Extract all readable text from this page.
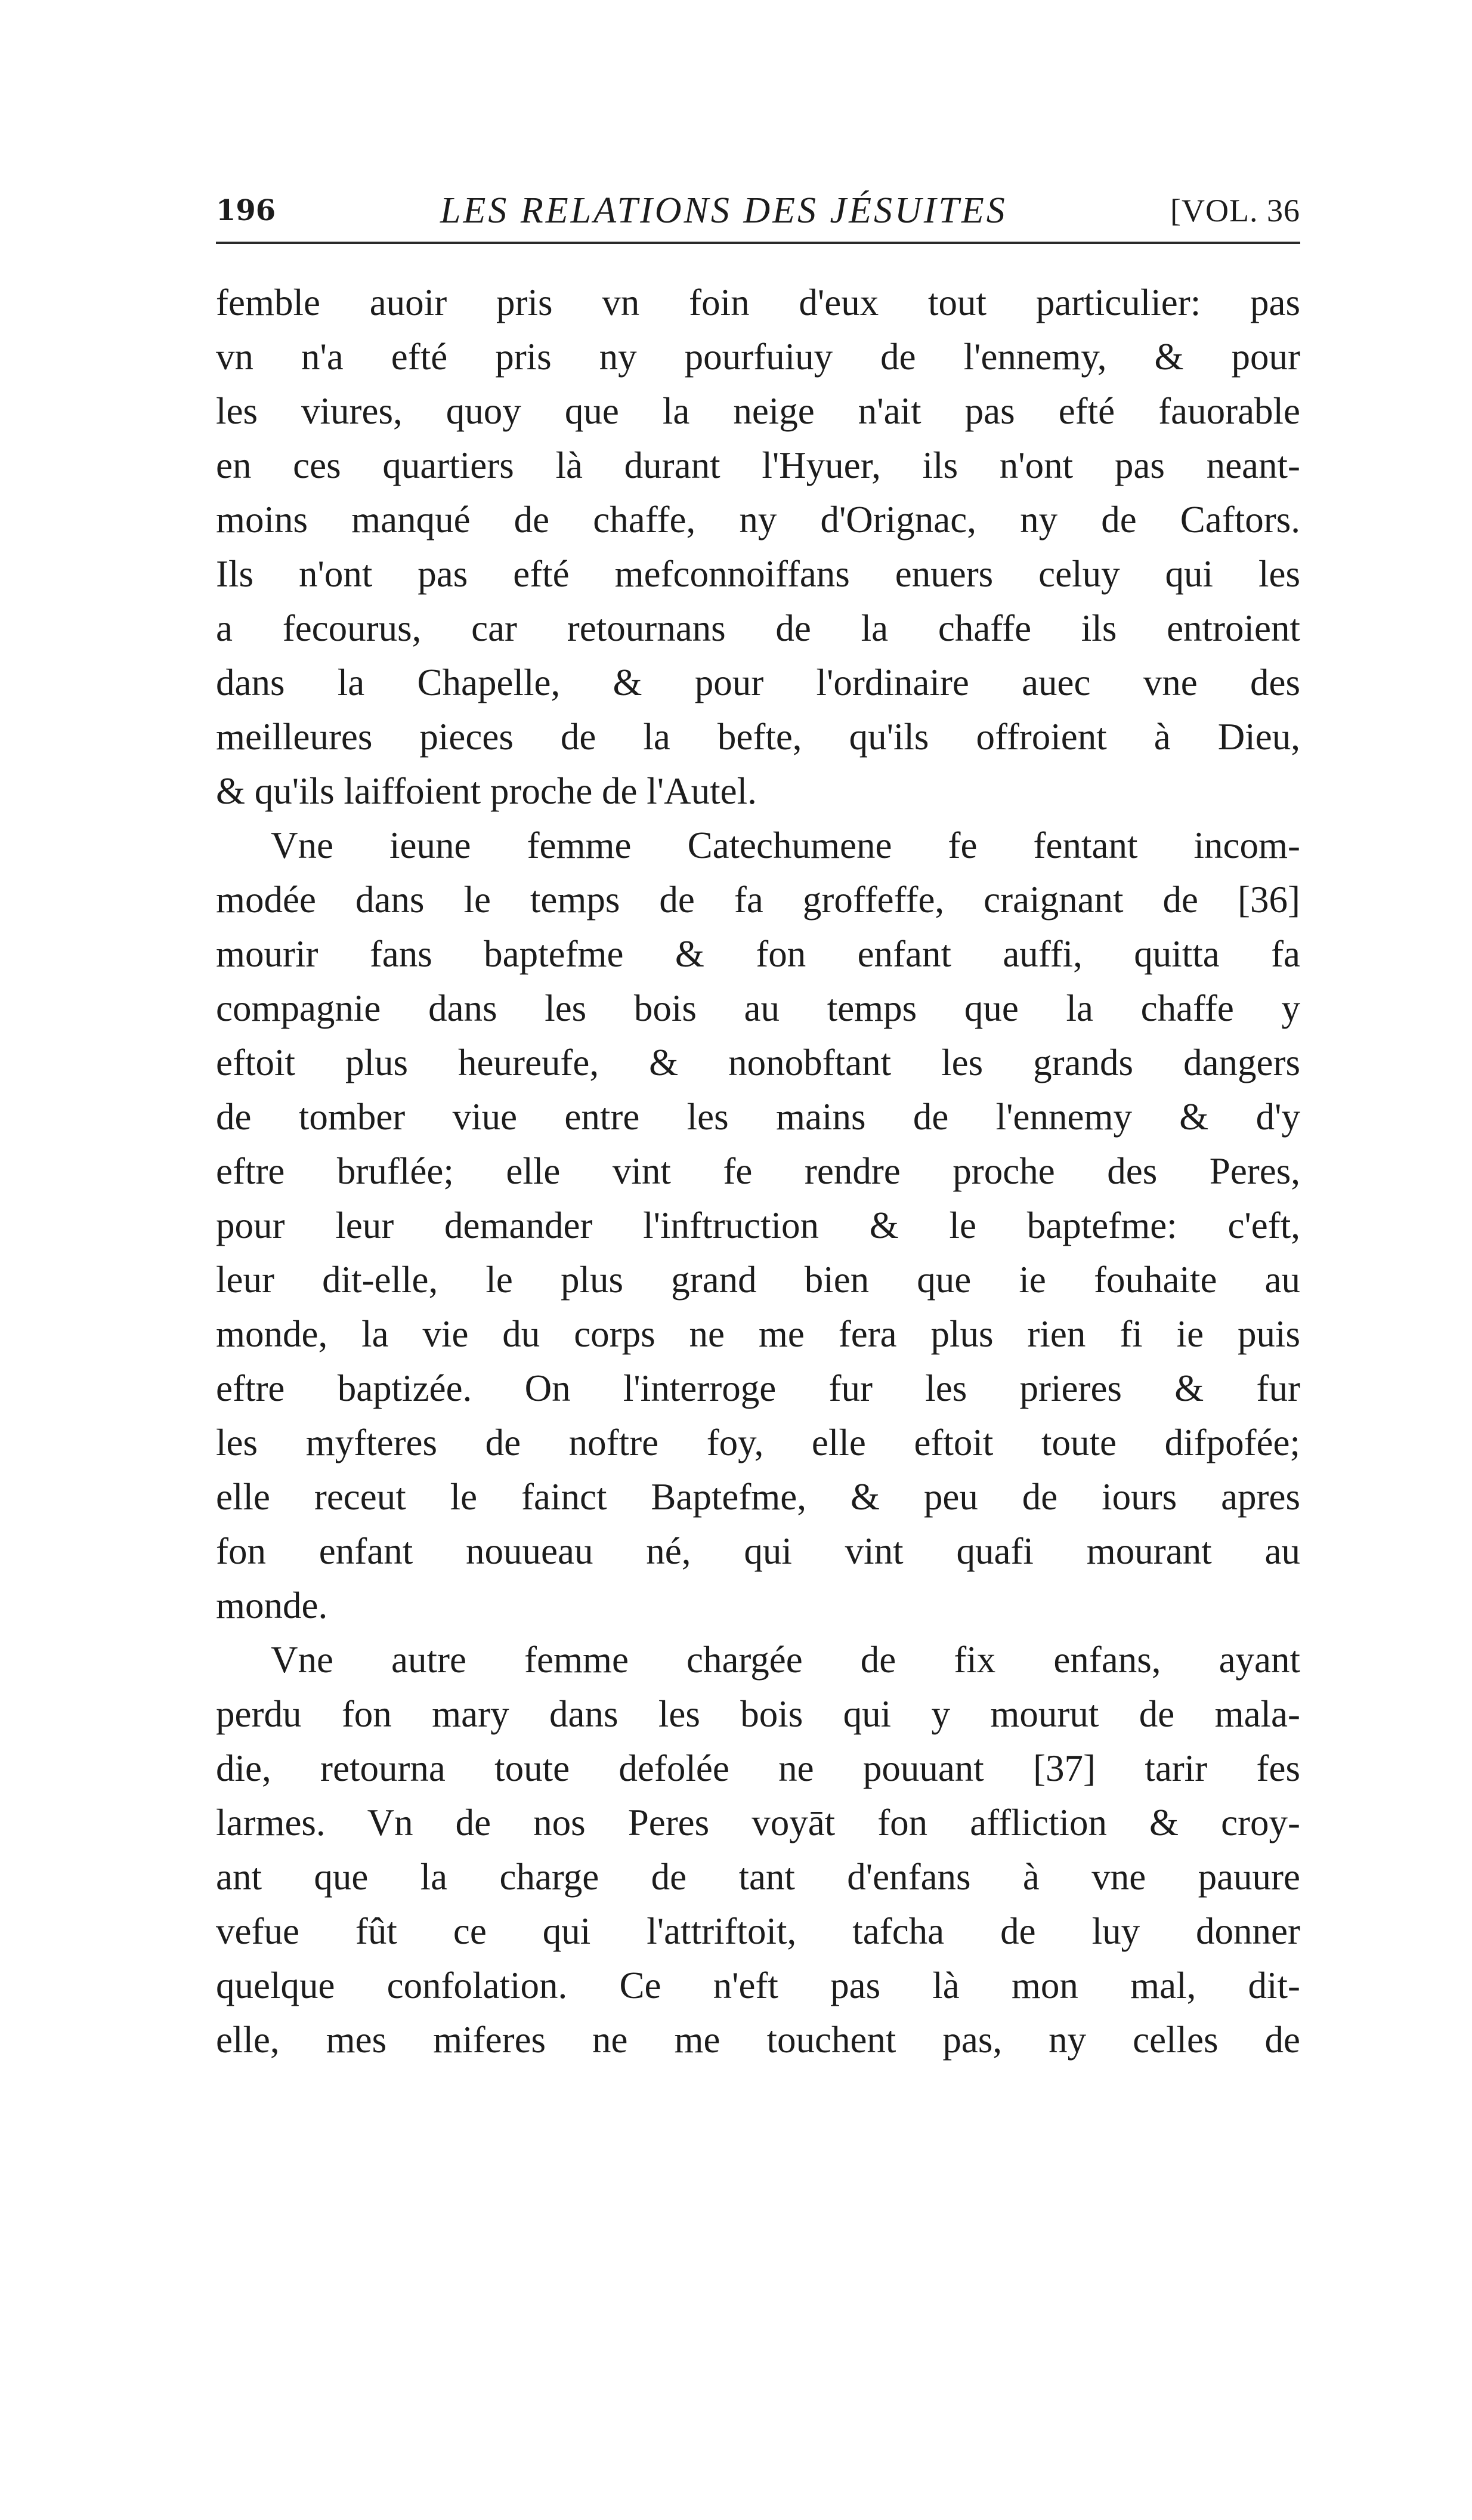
196	LES RELATIONS DES JÉSUITES	[VOL. 36
femble auoir pris vn foin d'eux tout particulier: pas
vn n'a efté pris ny pourfuiuy de l'ennemy, & pour
les viures, quoy que la neige n'ait pas efté fauorable
en ces quartiers là durant l'Hyuer, ils n'ont pas neant-
moins manqué de chaffe, ny d'Orignac, ny de Caftors.
Ils n'ont pas efté mefconnoiffans enuers celuy qui les
a fecourus, car retournans de la chaffe ils entroient
dans la Chapelle, & pour l'ordinaire auec vne des
meilleures pieces de la befte, qu'ils offroient à Dieu,
& qu'ils laiffoient proche de l'Autel.
Vne ieune femme Catechumene fe fentant incom-
modée dans le temps de fa groffeffe, craignant de [36]
mourir fans baptefme & fon enfant auffi, quitta fa
compagnie dans les bois au temps que la chaffe y
eftoit plus heureufe, & nonobftant les grands dangers
de tomber viue entre les mains de l'ennemy & d'y
eftre bruflée; elle vint fe rendre proche des Peres,
pour leur demander l'inftruction & le baptefme: c'eft,
leur dit-elle, le plus grand bien que ie fouhaite au
monde, la vie du corps ne me fera plus rien fi ie puis
eftre baptizée. On l'interroge fur les prieres & fur
les myfteres de noftre foy, elle eftoit toute difpofée;
elle receut le fainct Baptefme, & peu de iours apres
fon enfant nouueau né, qui vint quafi mourant au
monde.
Vne autre femme chargée de fix enfans, ayant
perdu fon mary dans les bois qui y mourut de mala-
die, retourna toute defolée ne pouuant [37] tarir fes
larmes. Vn de nos Peres voyāt fon affliction & croy-
ant que la charge de tant d'enfans à vne pauure
vefue fût ce qui l'attriftoit, tafcha de luy donner
quelque confolation. Ce n'eft pas là mon mal, dit-
elle, mes miferes ne me touchent pas, ny celles de
